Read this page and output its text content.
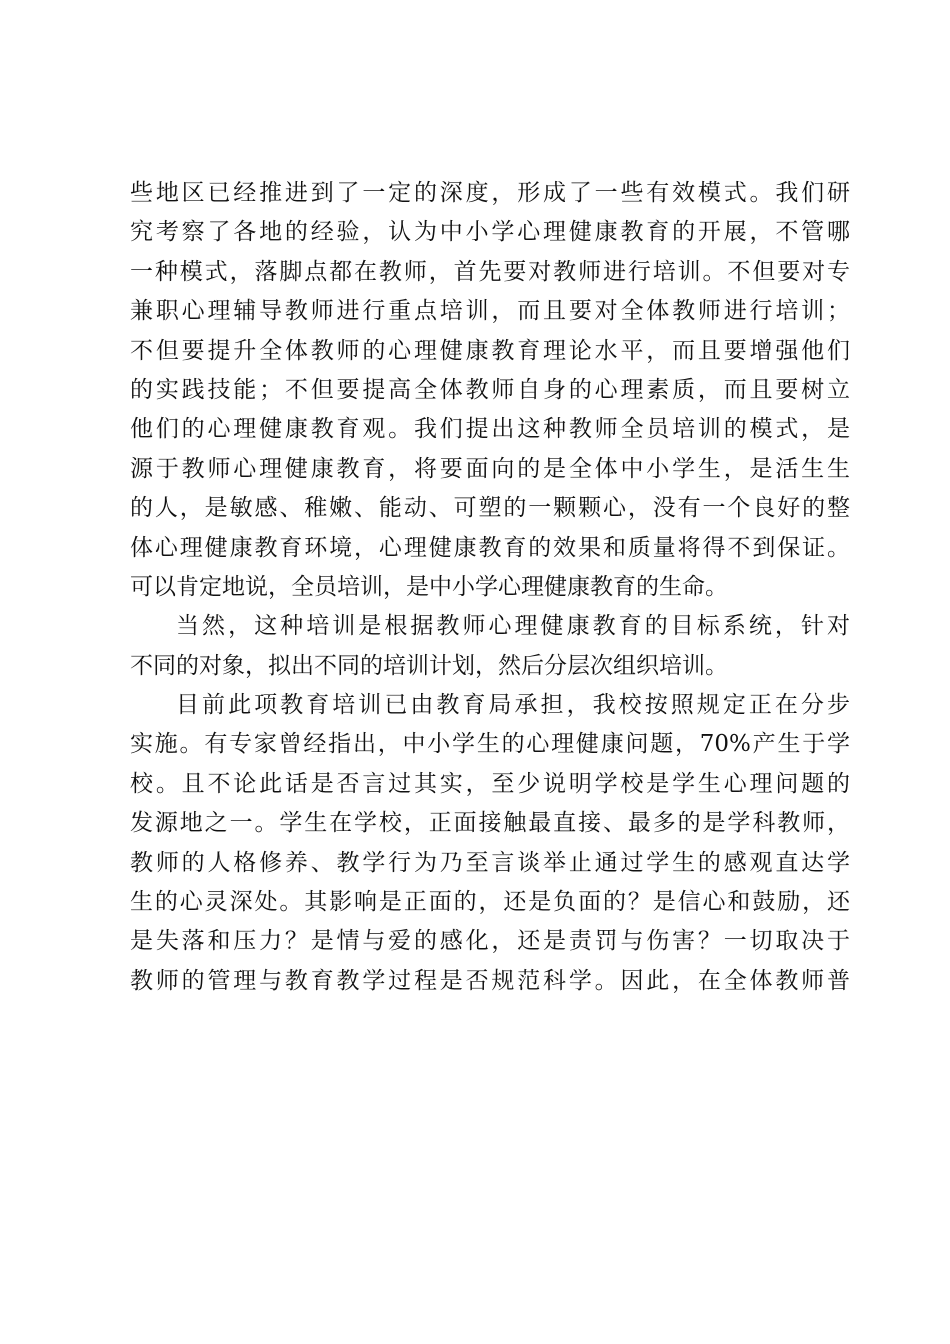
些地区已经推进到了一定的深度，形成了一些有效模式。我们研
究考察了各地的经验，认为中小学心理健康教育的开展，不管哪
一种模式，落脚点都在教师，首先要对教师进行培训。不但要对专
兼职心理辅导教师进行重点培训，而且要对全体教师进行培训；
不但要提升全体教师的心理健康教育理论水平，而且要增强他们
的实践技能；不但要提高全体教师自身的心理素质，而且要树立
他们的心理健康教育观。我们提出这种教师全员培训的模式，是
源于教师心理健康教育，将要面向的是全体中小学生，是活生生
的人，是敏感、稚嫩、能动、可塑的一颗颗心，没有一个良好的整
体心理健康教育环境，心理健康教育的效果和质量将得不到保证。
可以肯定地说，全员培训，是中小学心理健康教育的生命。
当然，这种培训是根据教师心理健康教育的目标系统，针对
不同的对象，拟出不同的培训计划，然后分层次组织培训。
目前此项教育培训已由教育局承担，我校按照规定正在分步
实施。有专家曾经指出，中小学生的心理健康问题，70%产生于学
校。且不论此话是否言过其实，至少说明学校是学生心理问题的
发源地之一。学生在学校，正面接触最直接、最多的是学科教师，
教师的人格修养、教学行为乃至言谈举止通过学生的感观直达学
生的心灵深处。其影响是正面的，还是负面的？是信心和鼓励，还
是失落和压力？是情与爱的感化，还是责罚与伤害？一切取决于
教师的管理与教育教学过程是否规范科学。因此，在全体教师普
